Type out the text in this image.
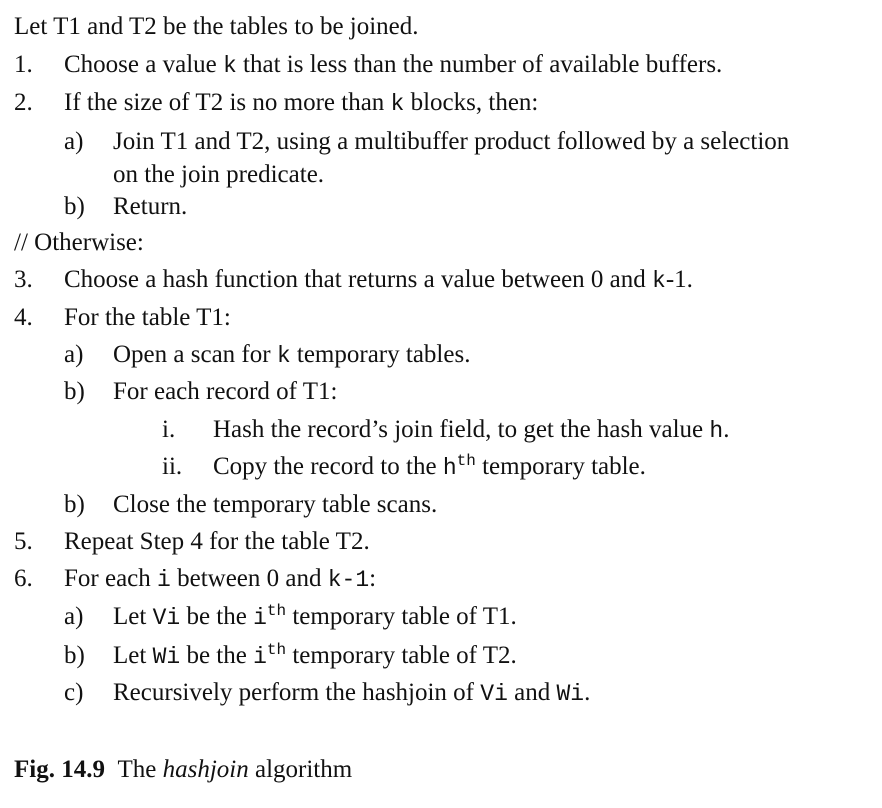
Let T1 and T2 be the tables to be joined.
1. Choose a value k that is less than the number of available buffers.
2. If the size of T2 is no more than k blocks, then:
a) Join T1 and T2, using a multibuffer product followed by a selection
on the join predicate.
b) Return.
// Otherwise:
3. Choose a hash function that returns a value between 0 and k-1.
4. For the table T1:
a) Open a scan for k temporary tables.
b) For each record of T1:
i. Hash the record’s join field, to get the hash value h.
ii. Copy the record to the $h^{th}$ temporary table.
b) Close the temporary table scans.
5. Repeat Step 4 for the table T2.
6. For each i between 0 and k-1:
a) Let Vi be the $i^{th}$ temporary table of T1.
b) Let Wi be the $i^{th}$ temporary table of T2.
c) Recursively perform the hashjoin of Vi and Wi.
Fig. 14.9 The hashjoin algorithm
